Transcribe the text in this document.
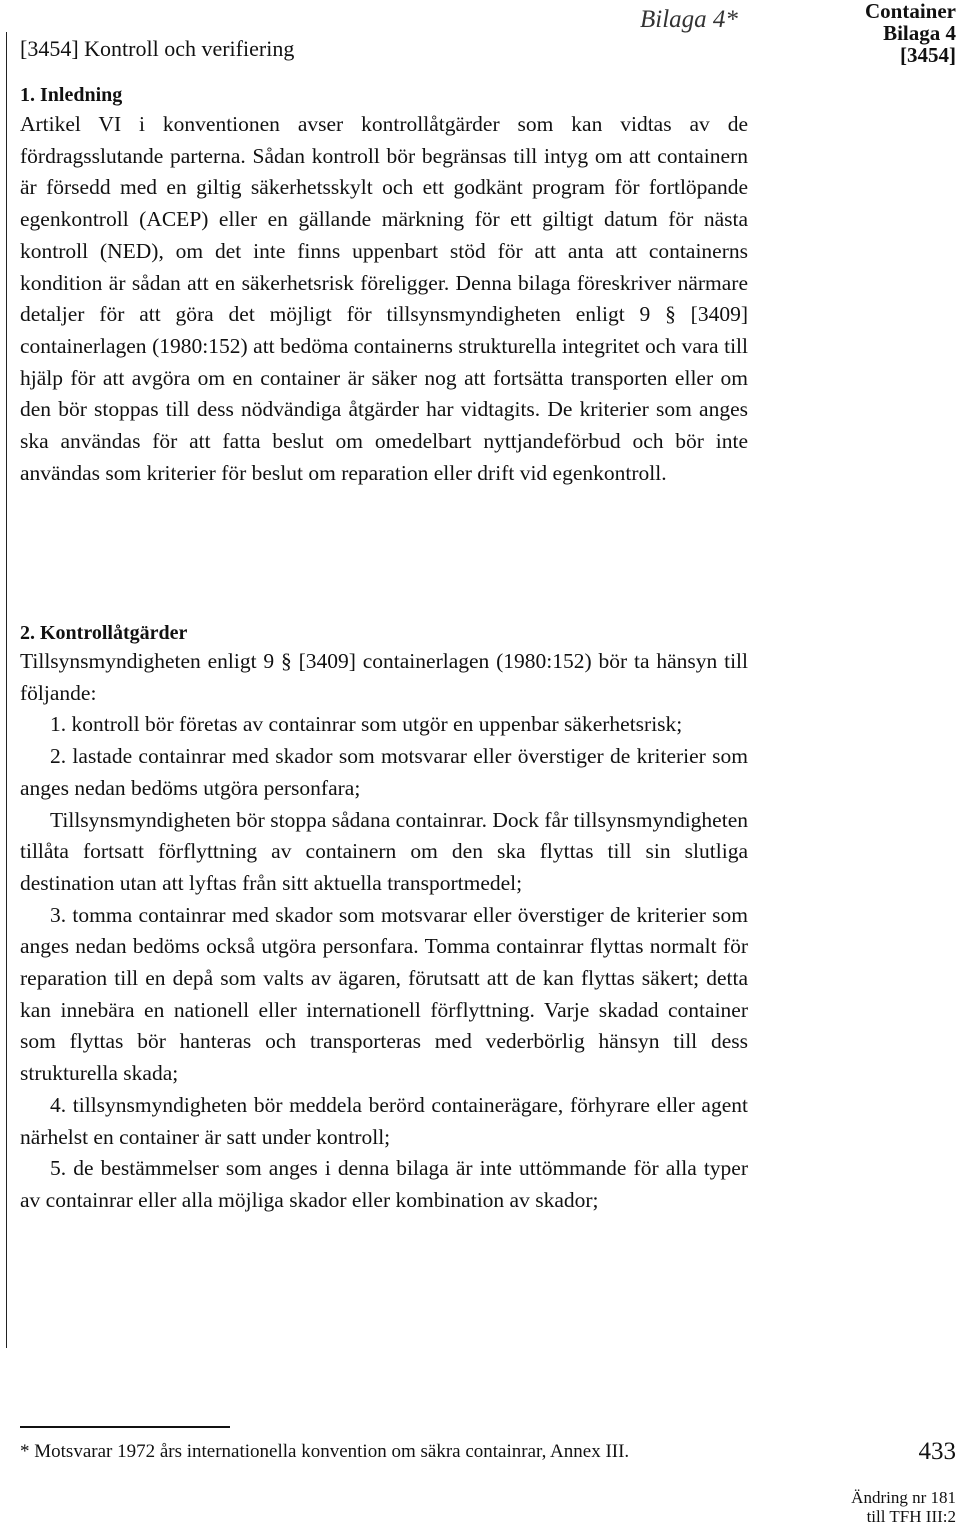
Bilaga 4*	Container
Bilaga 4
[3454]
[3454] Kontroll och verifiering
1. Inledning

Artikel VI i konventionen avser kontrollåtgärder som kan vidtas av de fördragsslutande parterna. Sådan kontroll bör begränsas till intyg om att containern är försedd med en giltig säkerhetsskylt och ett godkänt program för fortlöpande egenkontroll (ACEP) eller en gällande märkning för ett giltigt datum för nästa kontroll (NED), om det inte finns uppenbart stöd för att anta att containerns kondition är sådan att en säkerhetsrisk föreligger. Denna bilaga föreskriver närmare detaljer för att göra det möjligt för tillsynsmyndigheten enligt 9 § [3409] containerlagen (1980:152) att bedöma containerns strukturella integritet och vara till hjälp för att avgöra om en container är säker nog att fortsätta transporten eller om den bör stoppas till dess nödvändiga åtgärder har vidtagits. De kriterier som anges ska användas för att fatta beslut om omedelbart nyttjandeförbud och bör inte användas som kriterier för beslut om reparation eller drift vid egenkontroll.

2. Kontrollåtgärder

Tillsynsmyndigheten enligt 9 § [3409] containerlagen (1980:152) bör ta hänsyn till följande:

1. kontroll bör företas av containrar som utgör en uppenbar säkerhetsrisk;

2. lastade containrar med skador som motsvarar eller överstiger de kriterier som anges nedan bedöms utgöra personfara;

Tillsynsmyndigheten bör stoppa sådana containrar. Dock får tillsynsmyndigheten tillåta fortsatt förflyttning av containern om den ska flyttas till sin slutliga destination utan att lyftas från sitt aktuella transportmedel;

3. tomma containrar med skador som motsvarar eller överstiger de kriterier som anges nedan bedöms också utgöra personfara. Tomma containrar flyttas normalt för reparation till en depå som valts av ägaren, förutsatt att de kan flyttas säkert; detta kan innebära en nationell eller internationell förflyttning. Varje skadad container som flyttas bör hanteras och transporteras med vederbörlig hänsyn till dess strukturella skada;

4. tillsynsmyndigheten bör meddela berörd containerägare, förhyrare eller agent närhelst en container är satt under kontroll;

5. de bestämmelser som anges i denna bilaga är inte uttömmande för alla typer av containrar eller alla möjliga skador eller kombination av skador;

* Motsvarar 1972 års internationella konvention om säkra containrar, Annex III.	433
Ändring nr 181
till TFH III:2
